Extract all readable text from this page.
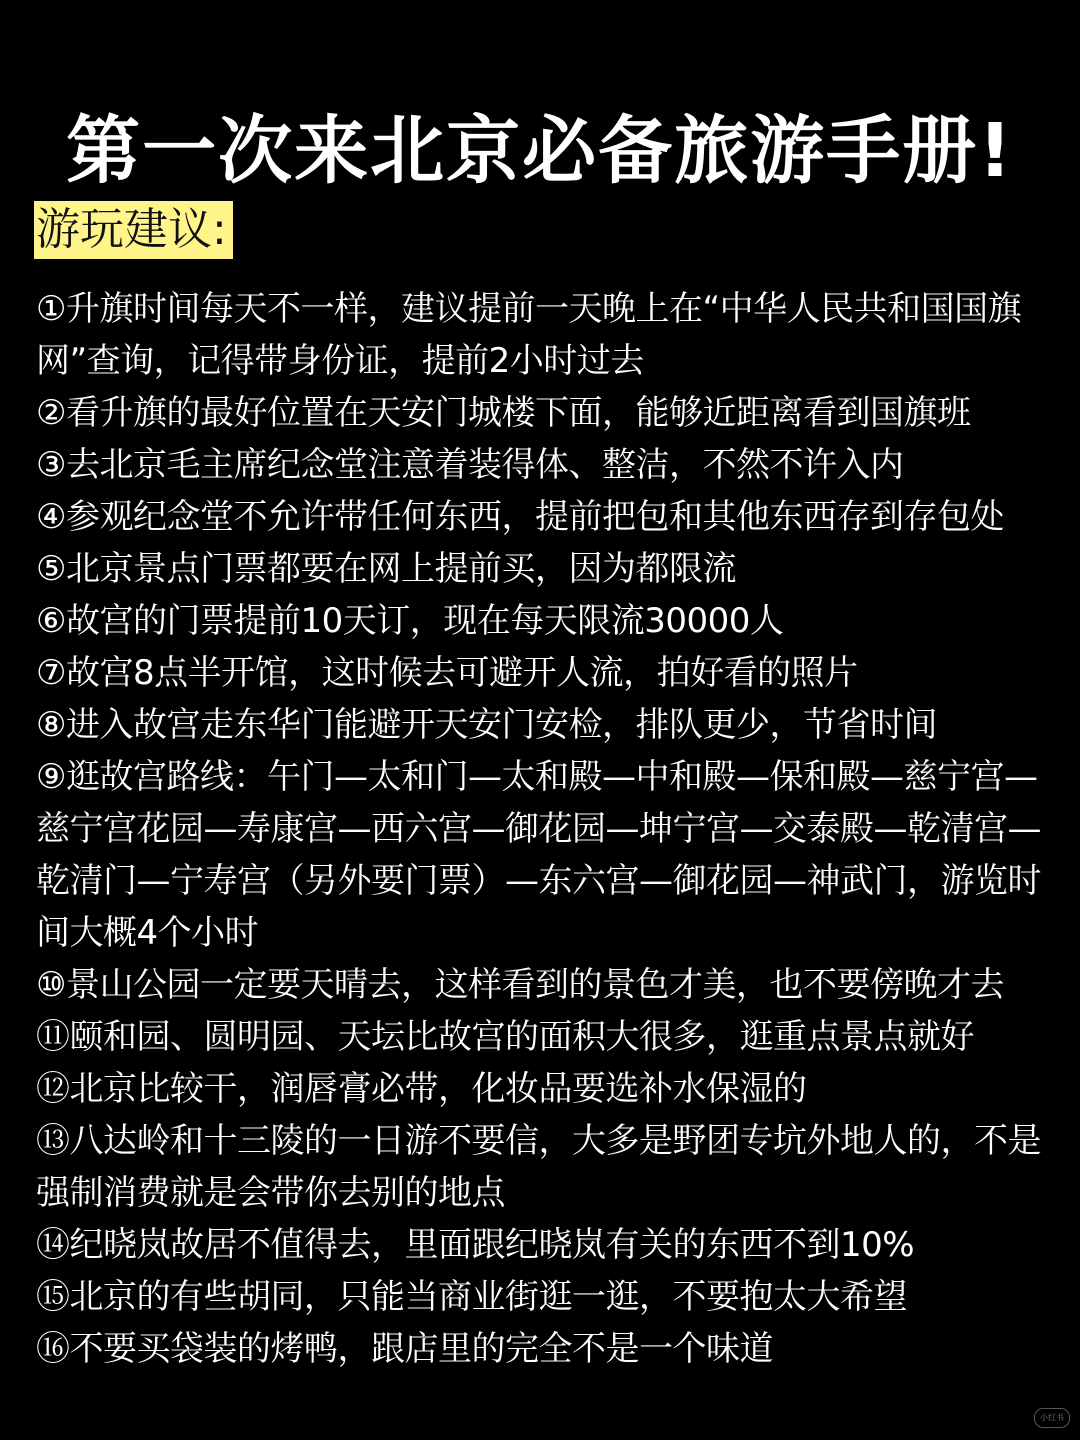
第一次来北京必备旅游手册!
游玩建议:
①升旗时间每天不一样，建议提前一天晚上在“中华人民共和国国旗网”查询，记得带身份证，提前2小时过去
②看升旗的最好位置在天安门城楼下面，能够近距离看到国旗班
③去北京毛主席纪念堂注意着装得体、整洁，不然不许入内
④参观纪念堂不允许带任何东西，提前把包和其他东西存到存包处
⑤北京景点门票都要在网上提前买，因为都限流
⑥故宫的门票提前10天订，现在每天限流30000人
⑦故宫8点半开馆，这时候去可避开人流，拍好看的照片
⑧进入故宫走东华门能避开天安门安检，排队更少，节省时间
⑨逛故宫路线：午门—太和门—太和殿—中和殿—保和殿—慈宁宫—慈宁宫花园—寿康宫—西六宫—御花园—坤宁宫—交泰殿—乾清宫—乾清门—宁寿宫（另外要门票）—东六宫—御花园—神武门，游览时间大概4个小时
⑩景山公园一定要天晴去，这样看到的景色才美，也不要傍晚才去
⑪颐和园、圆明园、天坛比故宫的面积大很多，逛重点景点就好
⑫北京比较干，润唇膏必带，化妆品要选补水保湿的
⑬八达岭和十三陵的一日游不要信，大多是野团专坑外地人的，不是强制消费就是会带你去别的地点
⑭纪晓岚故居不值得去，里面跟纪晓岚有关的东西不到10%
⑮北京的有些胡同，只能当商业街逛一逛，不要抱太大希望
⑯不要买袋装的烤鸭，跟店里的完全不是一个味道
小红书
